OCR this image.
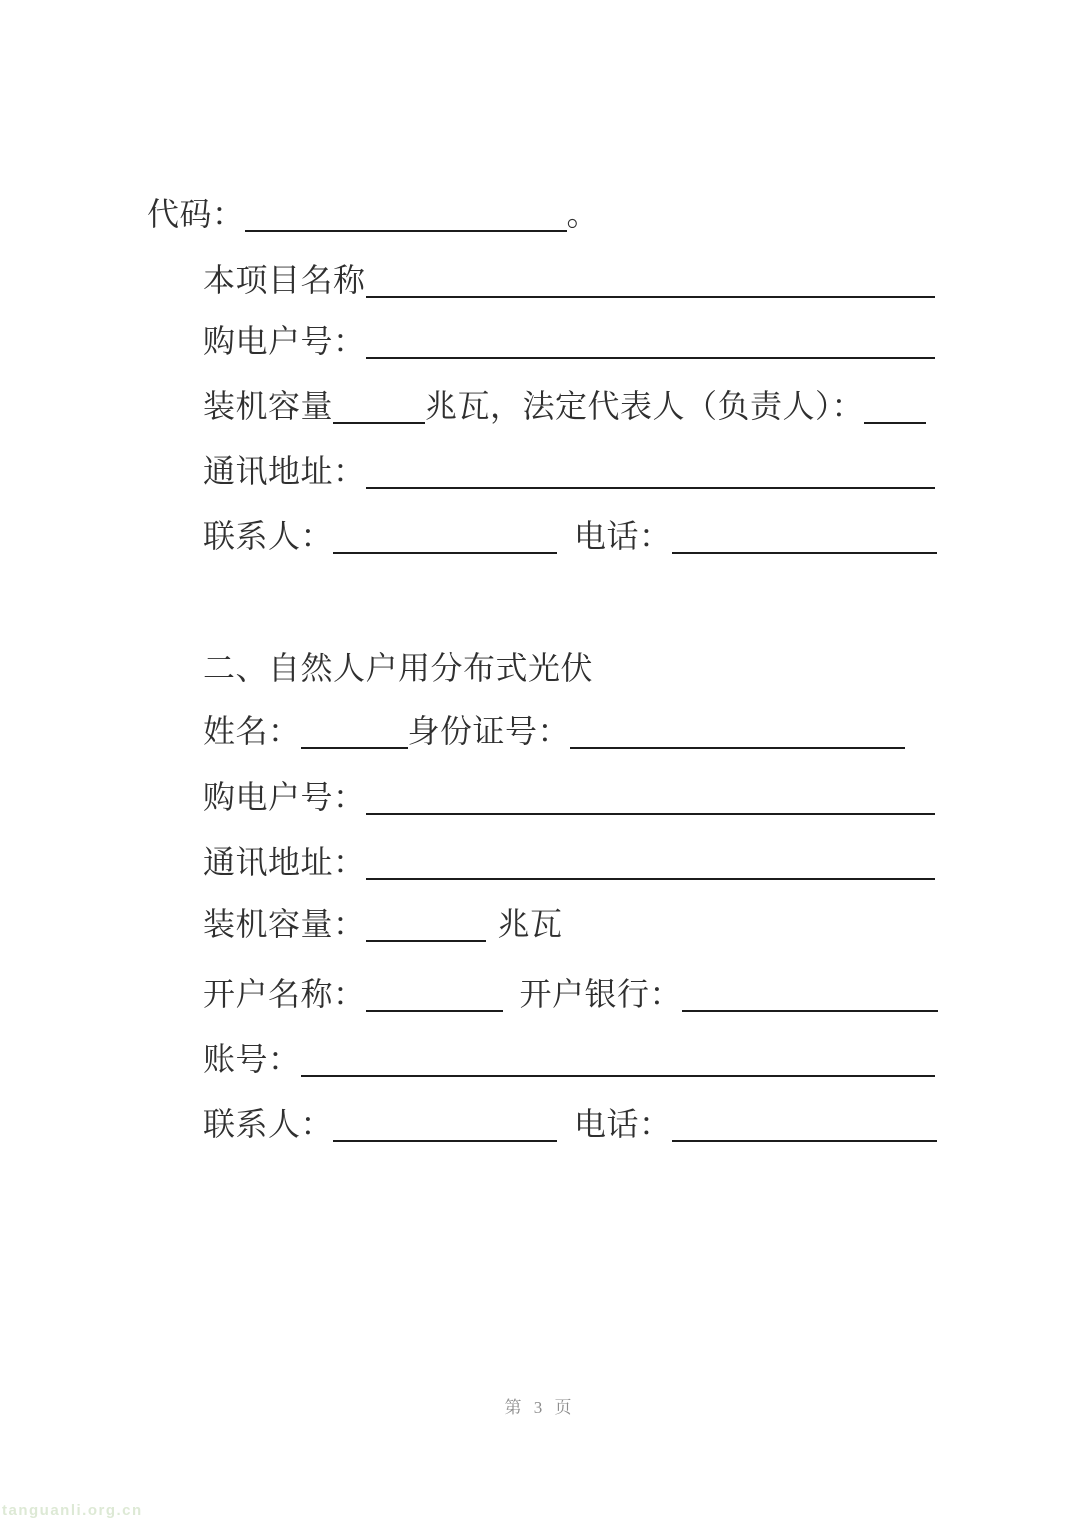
代码：	。
本项目名称
购电户号：
装机容量	兆瓦，法定代表人（负责人）：
通讯地址：
联系人：	电话：
二、自然人户用分布式光伏
姓名：	身份证号：
购电户号：
通讯地址：
装机容量：	兆瓦
开户名称：	开户银行：
账号：
联系人：	电话：
第 3 页
tanguanli.org.cn
